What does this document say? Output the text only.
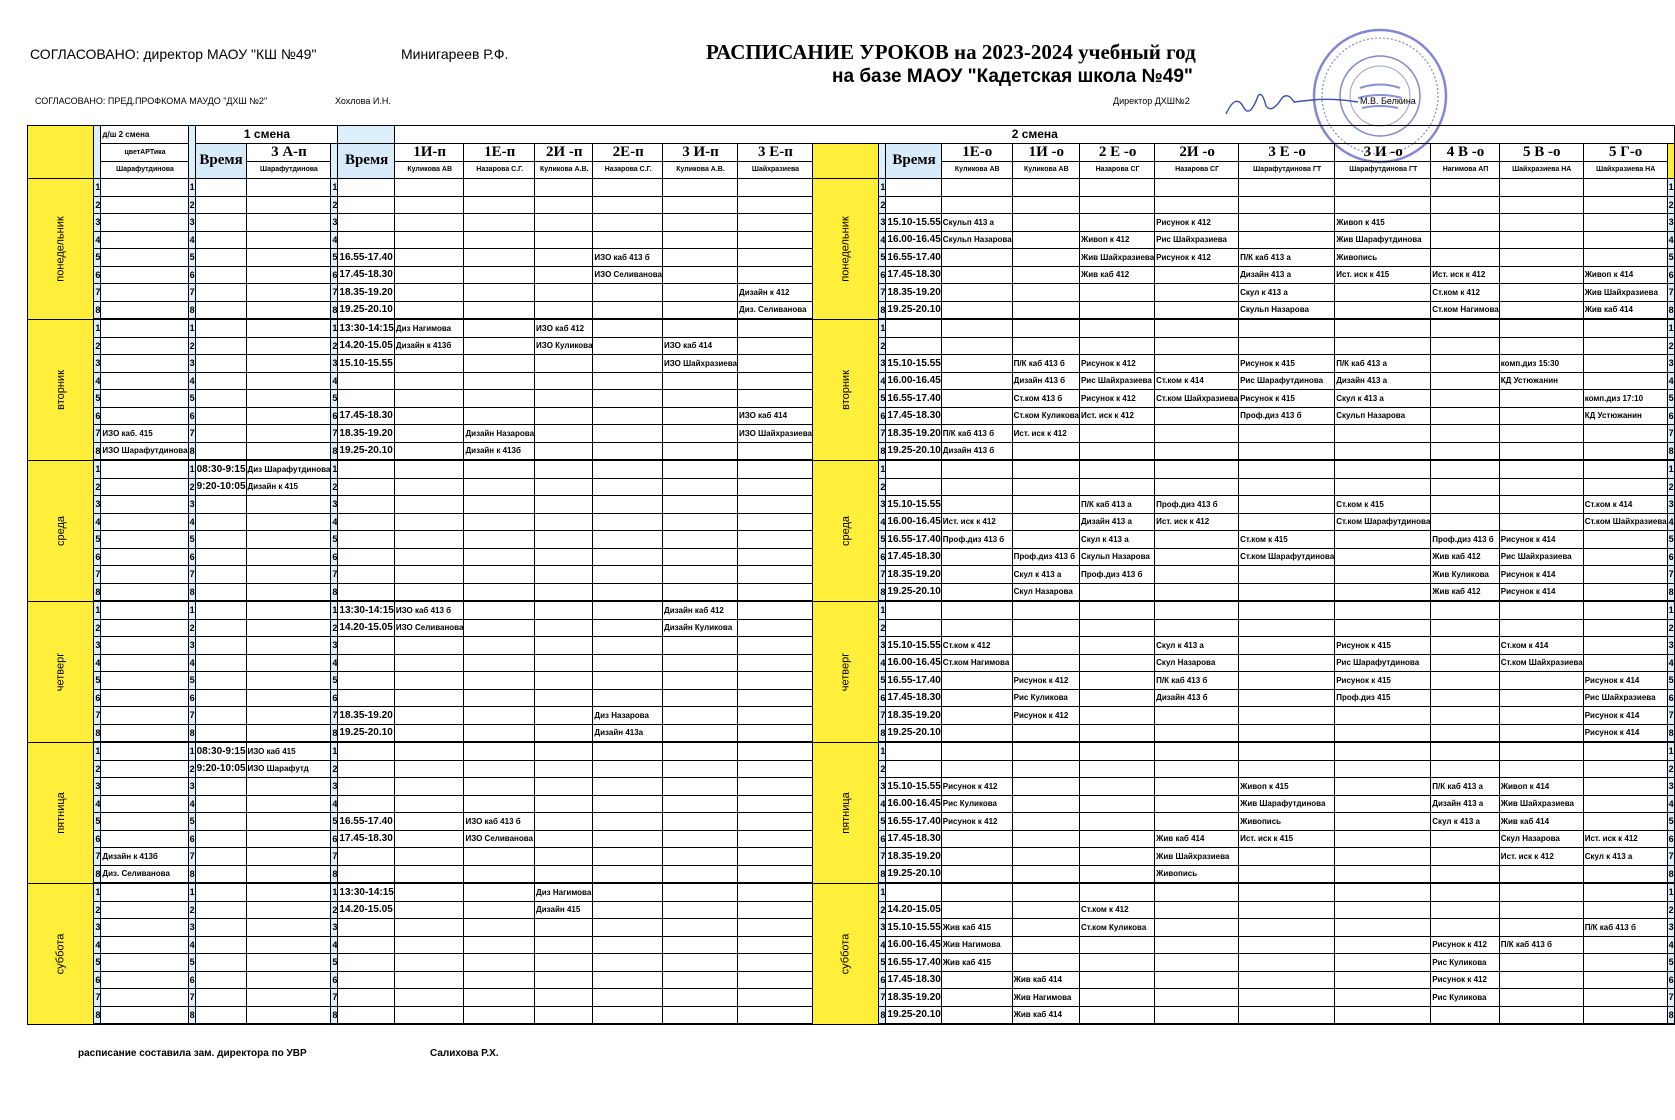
СОГЛАСОВАНО: директор МАОУ "КШ №49"	Минигареев Р.Ф.
СОГЛАСОВАНО: ПРЕД.ПРОФКОМА МАУДО "ДХШ №2"	Хохлова И.Н.
РАСПИСАНИЕ УРОКОВ на 2023-2024 учебный год
на базе МАОУ "Кадетская школа №49"
Директор ДХШ№2	М.В. Белкина
		д/ш 2 смена		1 смена				2 смена																		
		цветАРТика		Время	3 А-п		Время	1И-п	1Е-п	2И -п	2Е-п	3 И-п	3 Е-п			Время	1Е-о	1И -о	2 Е -о	2И -о	3 Е -о	3 И -о	4 В -о	5 В -о	5 Г-о	
		Шарафутдинова			Шарафутдинова			Куликова АВ	Назарова С.Г.	Куликова А.В.	Назарова С.Г.	Куликова А.В.	Шайхразиева				Куликова АВ	Куликова АВ	Назарова СГ	Назарова СГ	Шарафутдинова ГТ	Шарафутдинова ГТ	Нагимова АП	Шайхразиева НА	Шайхразиева НА	
понедельник	1		1			1								понедельник	1											1
	2		2			2									2											2
	3		3			3									3	15.10-15.55	Скульп 413 а			Рисунок к 412		Живоп к 415				3
	4		4			4									4	16.00-16.45	Скульп Назарова		Живоп к 412	Рис Шайхразиева		Жив Шарафутдинова				4
	5		5			5	16.55-17.40				ИЗО каб 413 б				5	16.55-17.40			Жив Шайхразиева	Рисунок к 412	П/К каб 413 а	Живопись				5
	6		6			6	17.45-18.30				ИЗО Селиванова				6	17.45-18.30			Жив каб 412		Дизайн 413 а	Ист. иск к 415	Ист. иск к 412		Живоп к 414	6
	7		7			7	18.35-19.20						Дизайн к 412		7	18.35-19.20					Скул к 413 а		Ст.ком к 412		Жив Шайхразиева	7
	8		8			8	19.25-20.10						Диз. Селиванова		8	19.25-20.10					Скульп Назарова		Ст.ком Нагимова		Жив каб 414	8
вторник	1		1			1	13:30-14:15	Диз Нагимова		ИЗО каб 412				вторник	1											1
	2		2			2	14.20-15.05	Дизайн к 413б		ИЗО Куликова		ИЗО каб 414			2											2
	3		3			3	15.10-15.55					ИЗО Шайхразиева			3	15.10-15.55		П/К каб 413 б	Рисунок к 412		Рисунок к 415	П/К каб 413 а		комп.диз 15:30		3
	4		4			4									4	16.00-16.45		Дизайн 413 б	Рис Шайхразиева	Ст.ком к 414	Рис Шарафутдинова	Дизайн 413 а		КД Устюжанин		4
	5		5			5									5	16.55-17.40		Ст.ком 413 б	Рисунок к 412	Ст.ком Шайхразиева	Рисунок к 415	Скул к 413 а			комп.диз 17:10	5
	6		6			6	17.45-18.30						ИЗО каб 414		6	17.45-18.30		Ст.ком Куликова	Ист. иск к 412		Проф.диз 413 б	Скульп Назарова			КД Устюжанин	6
	7	ИЗО каб. 415	7			7	18.35-19.20		Дизайн Назарова				ИЗО Шайхразиева		7	18.35-19.20	П/К каб 413 б	Ист. иск к 412								7
	8	ИЗО Шарафутдинова	8			8	19.25-20.10		Дизайн к 413б						8	19.25-20.10	Дизайн 413 б									8
среда	1		1	08:30-9:15	Диз Шарафутдинова	1								среда	1											1
	2		2	9:20-10:05	Дизайн к 415	2									2											2
	3		3			3									3	15.10-15.55			П/К каб 413 а	Проф.диз 413 б		Ст.ком к 415			Ст.ком к 414	3
	4		4			4									4	16.00-16.45	Ист. иск к 412		Дизайн 413 а	Ист. иск к 412		Ст.ком Шарафутдинова			Ст.ком Шайхразиева	4
	5		5			5									5	16.55-17.40	Проф.диз 413 б		Скул к 413 а		Ст.ком к 415		Проф.диз 413 б	Рисунок к 414		5
	6		6			6									6	17.45-18.30		Проф.диз 413 б	Скульп Назарова		Ст.ком Шарафутдинова		Жив каб 412	Рис Шайхразиева		6
	7		7			7									7	18.35-19.20		Скул к 413 а	Проф.диз 413 б				Жив Куликова	Рисунок к 414		7
	8		8			8									8	19.25-20.10		Скул Назарова					Жив каб 412	Рисунок к 414		8
четверг	1		1			1	13:30-14:15	ИЗО каб 413 б				Дизайн каб 412		четверг	1											1
	2		2			2	14.20-15.05	ИЗО Селиванова				Дизайн Куликова			2											2
	3		3			3									3	15.10-15.55	Ст.ком к 412			Скул к 413 а		Рисунок к 415		Ст.ком к 414		3
	4		4			4									4	16.00-16.45	Ст.ком Нагимова			Скул Назарова		Рис Шарафутдинова		Ст.ком Шайхразиева		4
	5		5			5									5	16.55-17.40		Рисунок к 412		П/К каб 413 б		Рисунок к 415			Рисунок к 414	5
	6		6			6									6	17.45-18.30		Рис Куликова		Дизайн 413 б		Проф.диз 415			Рис Шайхразиева	6
	7		7			7	18.35-19.20				Диз Назарова				7	18.35-19.20		Рисунок к 412							Рисунок к 414	7
	8		8			8	19.25-20.10				Дизайн 413а				8	19.25-20.10									Рисунок к 414	8
пятница	1		1	08:30-9:15	ИЗО каб 415	1								пятница	1											1
	2		2	9:20-10:05	ИЗО Шарафутд	2									2											2
	3		3			3									3	15.10-15.55	Рисунок к 412				Живоп к 415		П/К каб 413 а	Живоп к 414		3
	4		4			4									4	16.00-16.45	Рис Куликова				Жив Шарафутдинова		Дизайн 413 а	Жив Шайхразиева		4
	5		5			5	16.55-17.40		ИЗО каб 413 б						5	16.55-17.40	Рисунок к 412				Живопись		Скул к 413 а	Жив каб 414		5
	6		6			6	17.45-18.30		ИЗО Селиванова						6	17.45-18.30				Жив каб 414	Ист. иск к 415			Скул Назарова	Ист. иск к 412	6
	7	Дизайн к 413б	7			7									7	18.35-19.20				Жив Шайхразиева				Ист. иск к 412	Скул к 413 а	7
	8	Диз. Селиванова	8			8									8	19.25-20.10				Живопись						8
суббота	1		1			1	13:30-14:15			Диз Нагимова				суббота	1											1
	2		2			2	14.20-15.05			Дизайн 415					2	14.20-15.05			Ст.ком к 412							2
	3		3			3									3	15.10-15.55	Жив каб 415		Ст.ком Куликова						П/К каб 413 б	3
	4		4			4									4	16.00-16.45	Жив Нагимова						Рисунок к 412	П/К каб 413 б		4
	5		5			5									5	16.55-17.40	Жив каб 415						Рис Куликова			5
	6		6			6									6	17.45-18.30		Жив каб 414					Рисунок к 412			6
	7		7			7									7	18.35-19.20		Жив Нагимова					Рис Куликова			7
	8		8			8									8	19.25-20.10		Жив каб 414								8
расписание составила зам. директора по УВР	Салихова Р.Х.
